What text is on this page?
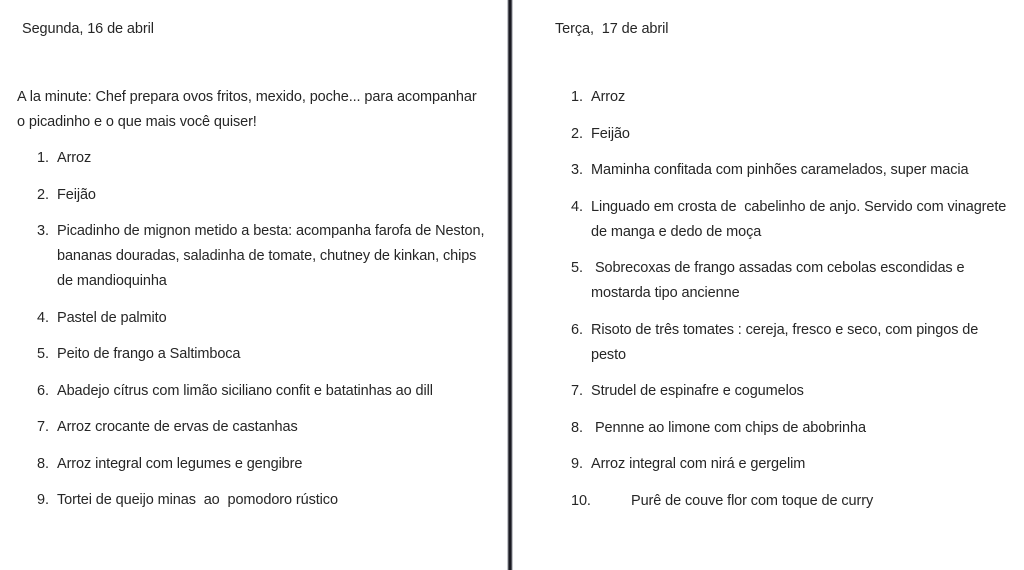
Segunda, 16 de abril

A la minute: Chef prepara ovos fritos, mexido, poche... para acompanhar o picadinho e o que mais você quiser!

1. Arroz
2. Feijão
3. Picadinho de mignon metido a besta: acompanha farofa de Neston, bananas douradas, saladinha de tomate, chutney de kinkan, chips de mandioquinha
4. Pastel de palmito
5. Peito de frango a Saltimboca
6. Abadejo cítrus com limão siciliano confit e batatinhas ao dill
7. Arroz crocante de ervas de castanhas
8. Arroz integral com legumes e gengibre
9. Tortei de queijo minas  ao  pomodoro rústico
Terça,  17 de abril
1. Arroz
2. Feijão
3. Maminha confitada com pinhões caramelados, super macia
4. Linguado em crosta de  cabelinho de anjo. Servido com vinagrete de manga e dedo de moça
5. Sobrecoxas de frango assadas com cebolas escondidas e mostarda tipo ancienne
6. Risoto de três tomates : cereja, fresco e seco, com pingos de pesto
7. Strudel de espinafre e cogumelos
8. Pennne ao limone com chips de abobrinha
9. Arroz integral com nirá e gergelim
10.	Purê de couve flor com toque de curry
